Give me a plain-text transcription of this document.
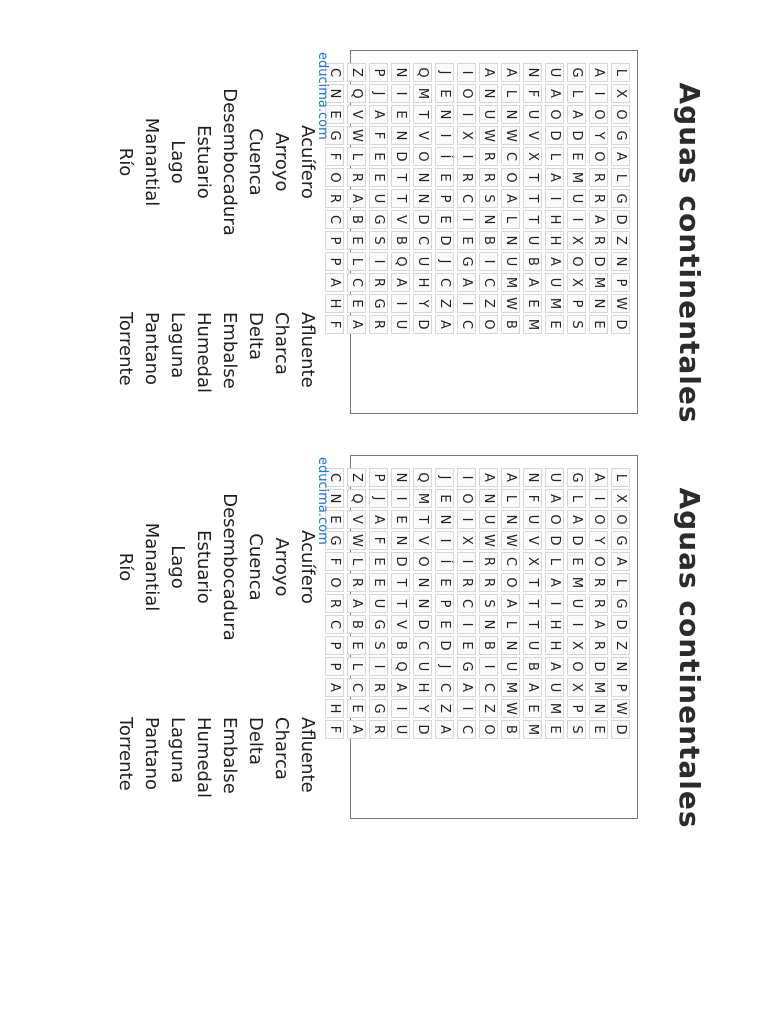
Aguas continentales
L
X
O
G
A
L
G
D
Z
N
P
W
D
A
I
O
Y
O
R
R
A
R
D
M
N
E
G
L
A
D
E
M
U
I
X
O
X
P
S
U
A
O
D
L
A
I
H
H
A
U
M
E
N
F
U
V
X
T
T
T
U
B
A
E
M
A
L
N
W
C
O
A
L
N
U
M
W
B
A
N
U
W
R
R
S
N
B
I
C
Z
O
I
O
I
X
I
R
C
I
E
G
A
I
C
J
E
N
I
Í
E
P
E
D
J
C
Z
A
Q
M
T
V
O
N
N
D
C
U
H
Y
D
N
I
E
N
D
T
T
V
B
Q
A
I
U
P
J
A
F
E
E
U
G
S
I
R
G
R
Z
Q
V
W
L
R
A
B
E
L
C
E
A
C
N
E
G
F
O
R
C
P
P
A
H
F
educima.com
Acuífero
Arroyo
Cuenca
Desembocadura
Estuario
Lago
Manantial
Río
Afluente
Charca
Delta
Embalse
Humedal
Laguna
Pantano
Torrente
Aguas continentales
L
X
O
G
A
L
G
D
Z
N
P
W
D
A
I
O
Y
O
R
R
A
R
D
M
N
E
G
L
A
D
E
M
U
I
X
O
X
P
S
U
A
O
D
L
A
I
H
H
A
U
M
E
N
F
U
V
X
T
T
T
U
B
A
E
M
A
L
N
W
C
O
A
L
N
U
M
W
B
A
N
U
W
R
R
S
N
B
I
C
Z
O
I
O
I
X
I
R
C
I
E
G
A
I
C
J
E
N
I
Í
E
P
E
D
J
C
Z
A
Q
M
T
V
O
N
N
D
C
U
H
Y
D
N
I
E
N
D
T
T
V
B
Q
A
I
U
P
J
A
F
E
E
U
G
S
I
R
G
R
Z
Q
V
W
L
R
A
B
E
L
C
E
A
C
N
E
G
F
O
R
C
P
P
A
H
F
educima.com
Acuífero
Arroyo
Cuenca
Desembocadura
Estuario
Lago
Manantial
Río
Afluente
Charca
Delta
Embalse
Humedal
Laguna
Pantano
Torrente
